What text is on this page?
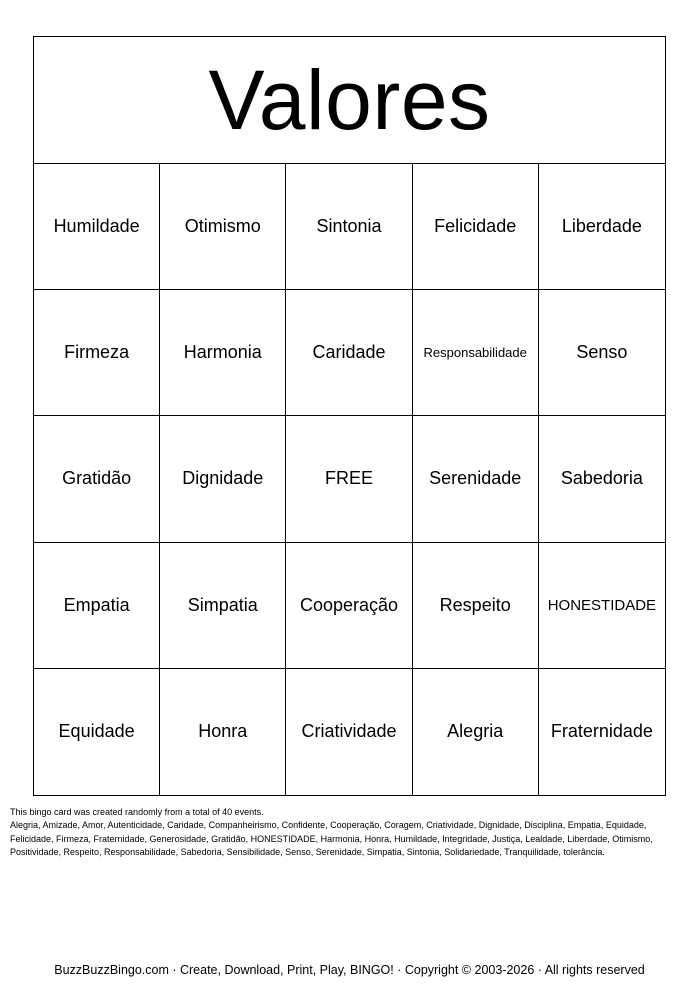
Valores
Humildade	Otimismo	Sintonia	Felicidade	Liberdade
Firmeza	Harmonia	Caridade	Responsabilidade	Senso
Gratidão	Dignidade	FREE	Serenidade	Sabedoria
Empatia	Simpatia	Cooperação	Respeito	HONESTIDADE
Equidade	Honra	Criatividade	Alegria	Fraternidade

This bingo card was created randomly from a total of 40 events.

Alegria, Amizade, Amor, Autenticidade, Caridade, Companheirismo, Confidente, Cooperação, Coragem, Criatividade, Dignidade, Disciplina, Empatia, Equidade, Felicidade, Firmeza, Fraternidade, Generosidade, Gratidão, HONESTIDADE, Harmonia, Honra, Humildade, Integridade, Justiça, Lealdade, Liberdade, Otimismo, Positividade, Respeito, Responsabilidade, Sabedoria, Sensibilidade, Senso, Serenidade, Simpatia, Sintonia, Solidariedade, Tranquilidade, tolerância.

BuzzBuzzBingo.com · Create, Download, Print, Play, BINGO! · Copyright © 2003-2026 · All rights reserved
